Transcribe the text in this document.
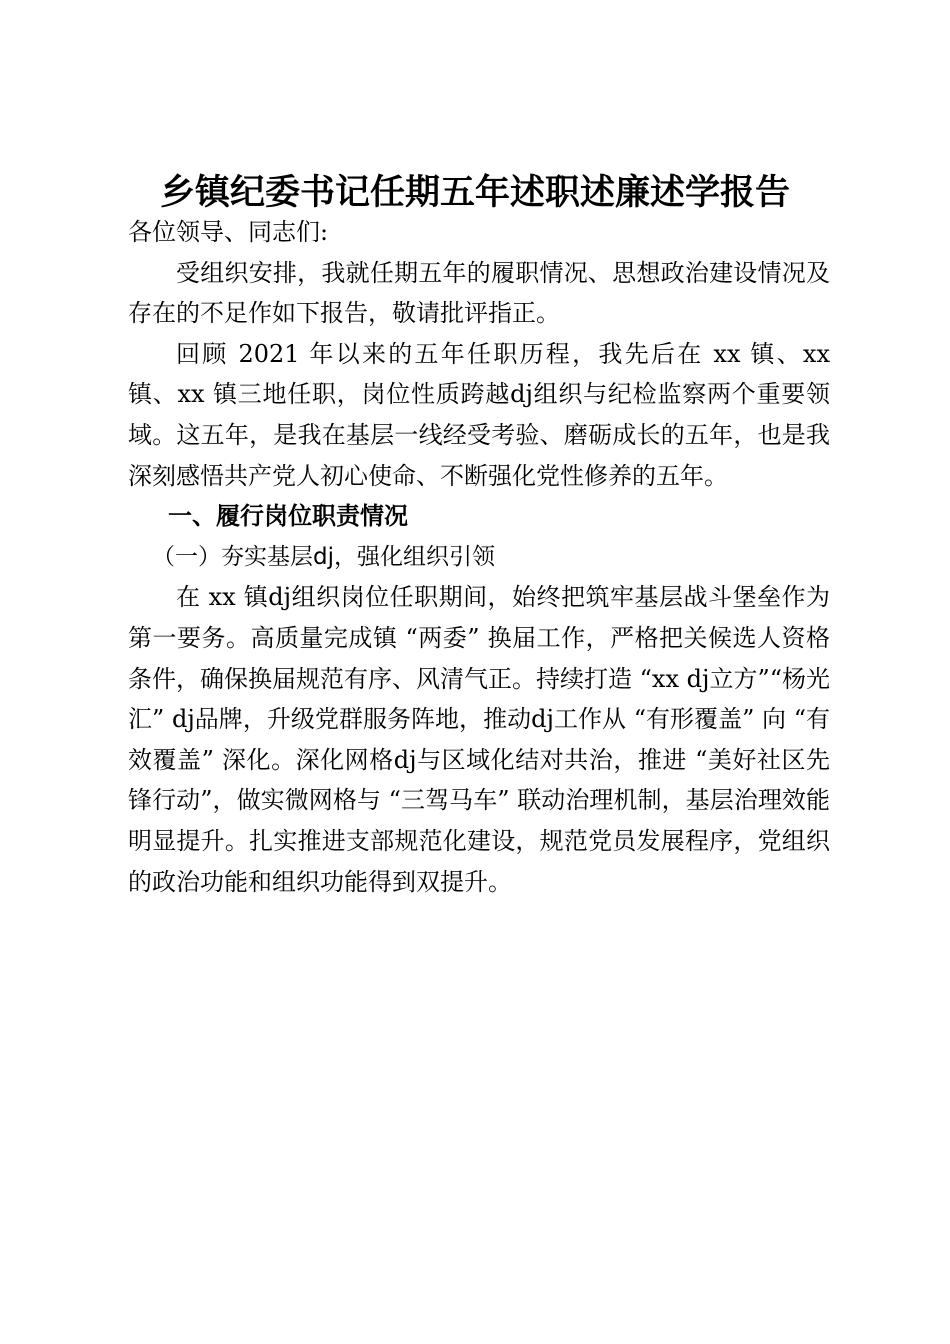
乡镇纪委书记任期五年述职述廉述学报告

各位领导、同志们:

受组织安排，我就任期五年的履职情况、思想政治建设情况及存在的不足作如下报告，敬请批评指正。

回顾 2021 年以来的五年任职历程，我先后在 xx 镇、xx 镇、xx 镇三地任职，岗位性质跨越dj组织与纪检监察两个重要领域。这五年，是我在基层一线经受考验、磨砺成长的五年，也是我深刻感悟共产党人初心使命、不断强化党性修养的五年。

一、履行岗位职责情况

（一）夯实基层dj，强化组织引领

在 xx 镇dj组织岗位任职期间，始终把筑牢基层战斗堡垒作为第一要务。高质量完成镇 “两委” 换届工作，严格把关候选人资格条件，确保换届规范有序、风清气正。持续打造 “xx dj立方”“杨光汇” dj品牌，升级党群服务阵地，推动dj工作从 “有形覆盖” 向 “有效覆盖” 深化。深化网格dj与区域化结对共治，推进 “美好社区先锋行动”，做实微网格与 “三驾马车” 联动治理机制，基层治理效能明显提升。扎实推进支部规范化建设，规范党员发展程序，党组织的政治功能和组织功能得到双提升。
